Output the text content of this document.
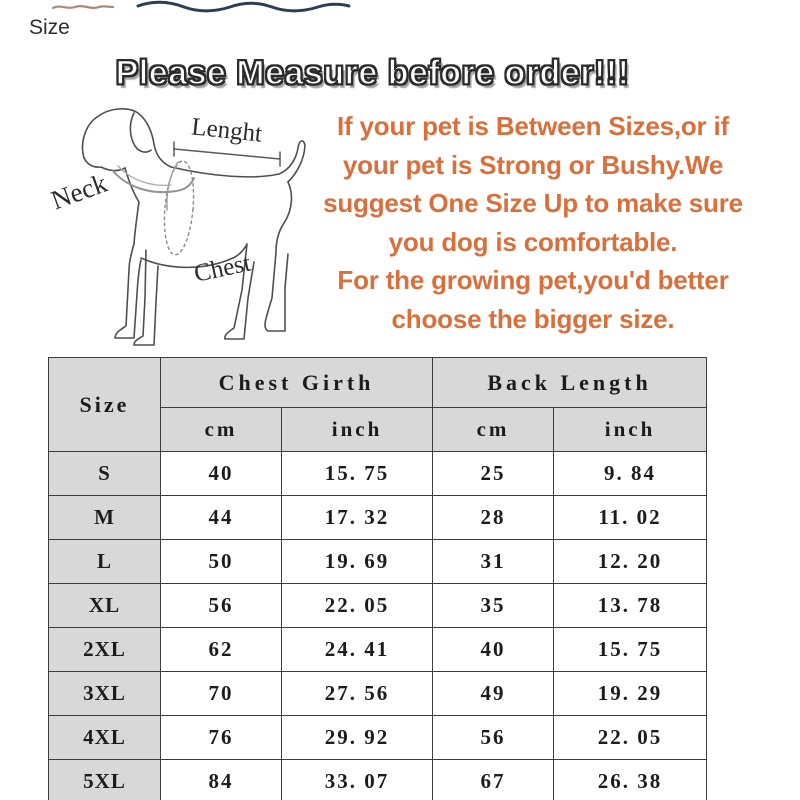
Size
Please Measure before order!!!
Neck
Lenght
Chest
If your pet is Between Sizes,or if
your pet is Strong or Bushy.We
suggest One Size Up to make sure
you dog is comfortable.
For the growing pet,you'd better
choose the bigger size.
Size	Chest Girth		Back Length	
	cm	inch	cm	inch
S	40	15. 75	25	9. 84
M	44	17. 32	28	11. 02
L	50	19. 69	31	12. 20
XL	56	22. 05	35	13. 78
2XL	62	24. 41	40	15. 75
3XL	70	27. 56	49	19. 29
4XL	76	29. 92	56	22. 05
5XL	84	33. 07	67	26. 38
